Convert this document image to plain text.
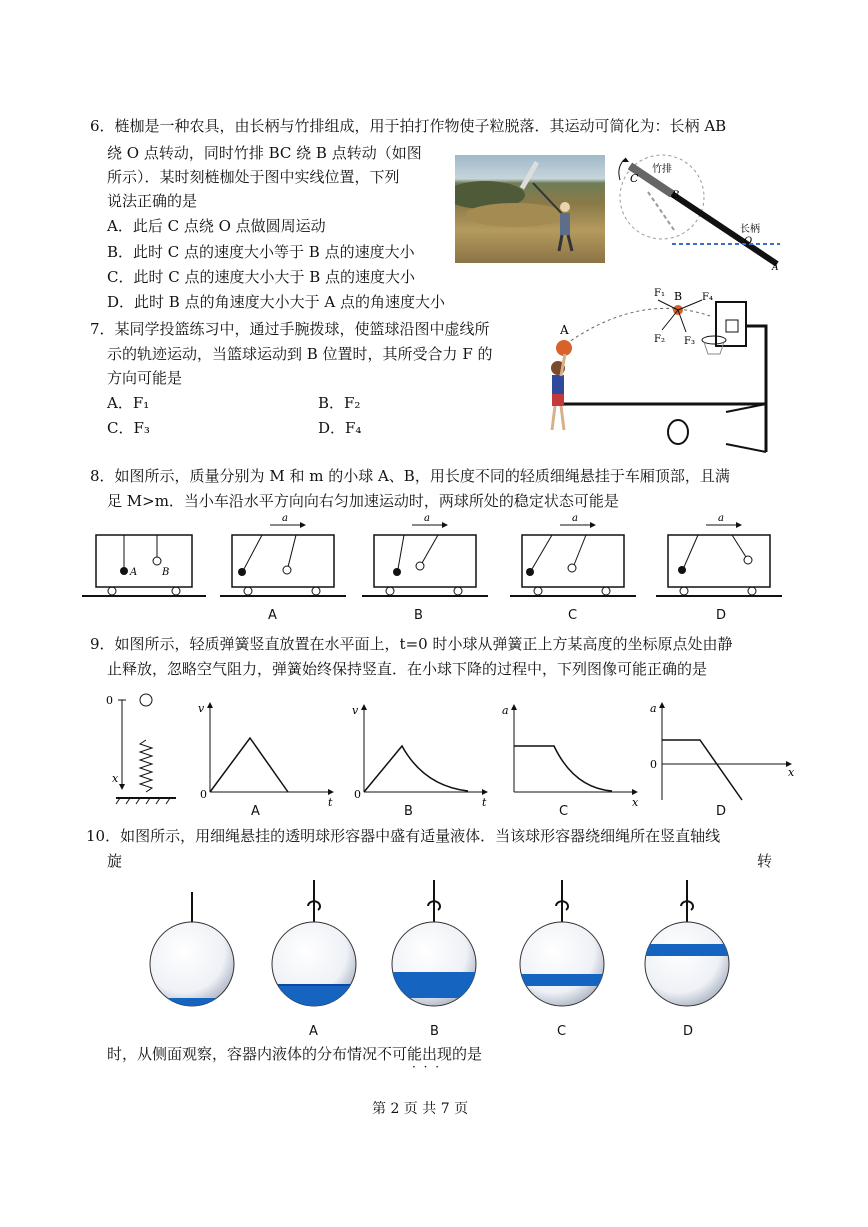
6．梿枷是一种农具，由长柄与竹排组成，用于拍打作物使子粒脱落．其运动可简化为：长柄 AB
绕 O 点转动，同时竹排 BC 绕 B 点转动（如图
所示）．某时刻梿枷处于图中实线位置，下列
说法正确的是
A．此后 C 点绕 O 点做圆周运动
B．此时 C 点的速度大小等于 B 点的速度大小
C．此时 C 点的速度大小大于 B 点的速度大小
D．此时 B 点的角速度大小大于 A 点的角速度大小
C
竹排
B
长柄
O
A
7．某同学投篮练习中，通过手腕拨球，使篮球沿图中虚线所
示的轨迹运动，当篮球运动到 B 位置时，其所受合力 F 的
方向可能是
A．F₁	B．F₂
C．F₃	D．F₄
A
B
F₁	F₄
F₂ F₃
8．如图所示，质量分别为 M 和 m 的小球 A、B，用长度不同的轻质细绳悬挂于车厢顶部，且满
足 M>m．当小车沿水平方向向右匀加速运动时，两球所处的稳定状态可能是
A B
a	a	a	a
A	B	C	D
9．如图所示，轻质弹簧竖直放置在水平面上，t=0 时小球从弹簧正上方某高度的坐标原点处由静
止释放，忽略空气阻力，弹簧始终保持竖直．在小球下降的过程中，下列图像可能正确的是
0
x
v
0
t
v
0
t
a
x
a
0
x
A	B	C	D
10．如图所示，用细绳悬挂的透明球形容器中盛有适量液体．当该球形容器绕细绳所在竖直轴线
旋	转
A	B	C	D
时，从侧面观察，容器内液体的分布情况不可能出现的是
· · ·
第 2 页 共 7 页
